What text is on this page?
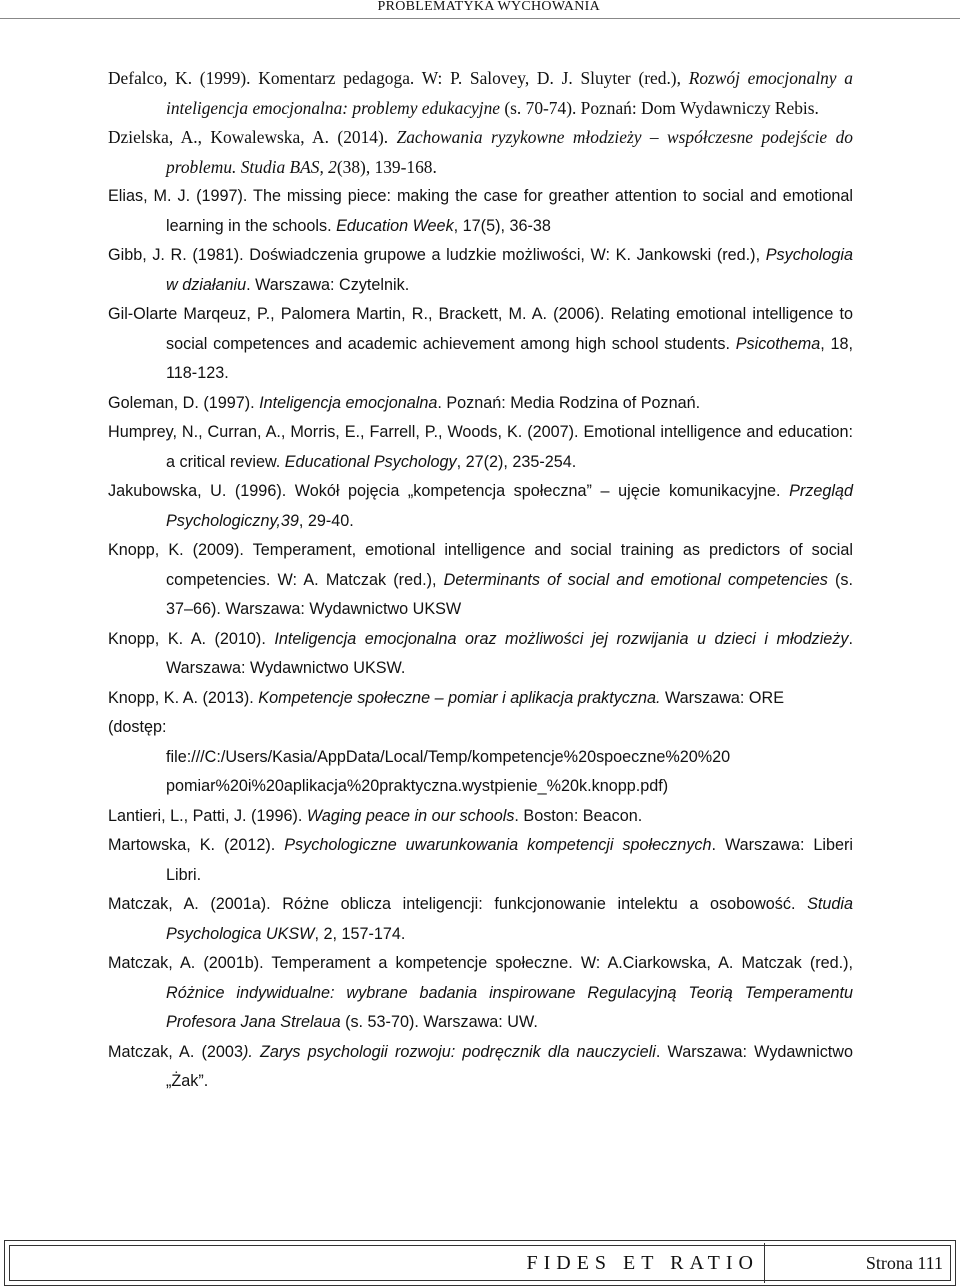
PROBLEMATYKA WYCHOWANIA
Defalco, K. (1999). Komentarz pedagoga. W: P. Salovey, D. J. Sluyter (red.), Rozwój emocjonalny a inteligencja emocjonalna: problemy edukacyjne (s. 70-74). Poznań: Dom Wydawniczy Rebis.
Dzielska, A., Kowalewska, A. (2014). Zachowania ryzykowne młodzieży – współczesne podejście do problemu. Studia BAS, 2(38), 139-168.
Elias, M. J. (1997). The missing piece: making the case for greather attention to social and emotional learning in the schools. Education Week, 17(5), 36-38
Gibb, J. R. (1981). Doświadczenia grupowe a ludzkie możliwości, W: K. Jankowski (red.), Psychologia w działaniu. Warszawa: Czytelnik.
Gil-Olarte Marqeuz, P., Palomera Martin, R., Brackett, M. A. (2006). Relating emotional intelligence to social competences and academic achievement among high school students. Psicothema, 18, 118-123.
Goleman, D. (1997). Inteligencja emocjonalna. Poznań: Media Rodzina of Poznań.
Humprey, N., Curran, A., Morris, E., Farrell, P., Woods, K. (2007). Emotional intelligence and education: a critical review. Educational Psychology, 27(2), 235-254.
Jakubowska, U. (1996). Wokół pojęcia „kompetencja społeczna” – ujęcie komunikacyjne. Przegląd Psychologiczny,39, 29-40.
Knopp, K. (2009). Temperament, emotional intelligence and social training as predictors of social competencies. W: A. Matczak (red.), Determinants of social and emotional competencies (s. 37–66). Warszawa: Wydawnictwo UKSW
Knopp, K. A. (2010). Inteligencja emocjonalna oraz możliwości jej rozwijania u dzieci i młodzieży. Warszawa: Wydawnictwo UKSW.
Knopp, K. A. (2013). Kompetencje społeczne – pomiar i aplikacja praktyczna. Warszawa: ORE
(dostęp:
file:///C:/Users/Kasia/AppData/Local/Temp/kompetencje%20spoeczne%20%20
pomiar%20i%20aplikacja%20praktyczna.wystpienie_%20k.knopp.pdf)
Lantieri, L., Patti, J. (1996). Waging peace in our schools. Boston: Beacon.
Martowska, K. (2012). Psychologiczne uwarunkowania kompetencji społecznych. Warszawa: Liberi Libri.
Matczak, A. (2001a). Różne oblicza inteligencji: funkcjonowanie intelektu a osobowość. Studia Psychologica UKSW, 2, 157-174.
Matczak, A. (2001b). Temperament a kompetencje społeczne. W: A.Ciarkowska, A. Matczak (red.), Różnice indywidualne: wybrane badania inspirowane Regulacyjną Teorią Temperamentu Profesora Jana Strelaua (s. 53-70). Warszawa: UW.
Matczak, A. (2003). Zarys psychologii rozwoju: podręcznik dla nauczycieli. Warszawa: Wydawnictwo „Żak”.
FIDES ET RATIO	Strona 111
